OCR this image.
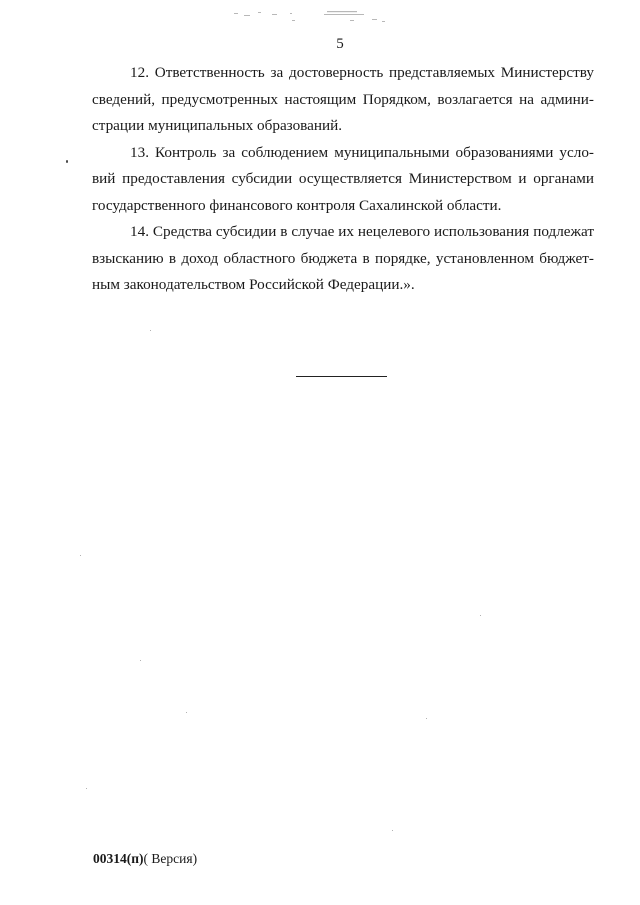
5

12. Ответственность за достоверность представляемых Министерству
сведений, предусмотренных настоящим Порядком, возлагается на админи-
страции муниципальных образований.

13. Контроль за соблюдением муниципальными образованиями усло-
вий предоставления субсидии осуществляется Министерством и органами
государственного финансового контроля Сахалинской области.

14. Средства субсидии в случае их нецелевого использования подлежат
взысканию в доход областного бюджета в порядке, установленном бюджет-
ным законодательством Российской Федерации.».

00314(п)( Версия)
